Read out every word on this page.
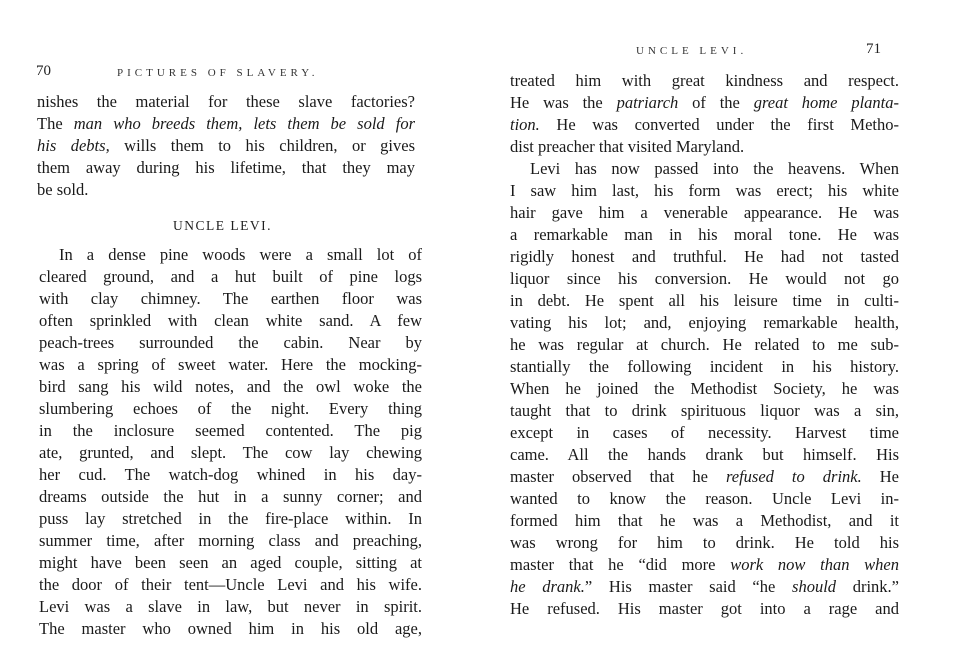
70	PICTURES OF SLAVERY.
nishes the material for these slave factories?
The man who breeds them, lets them be sold for
his debts, wills them to his children, or gives
them away during his lifetime, that they may
be sold.
UNCLE LEVI.
In a dense pine woods were a small lot of
cleared ground, and a hut built of pine logs
with clay chimney. The earthen floor was
often sprinkled with clean white sand. A few
peach-trees surrounded the cabin. Near by
was a spring of sweet water. Here the mocking-
bird sang his wild notes, and the owl woke the
slumbering echoes of the night. Every thing
in the inclosure seemed contented. The pig
ate, grunted, and slept. The cow lay chewing
her cud. The watch-dog whined in his day-
dreams outside the hut in a sunny corner; and
puss lay stretched in the fire-place within. In
summer time, after morning class and preaching,
might have been seen an aged couple, sitting at
the door of their tent—Uncle Levi and his wife.
Levi was a slave in law, but never in spirit.
The master who owned him in his old age,
UNCLE LEVI.	71
treated him with great kindness and respect.
He was the patriarch of the great home planta-
tion. He was converted under the first Metho-
dist preacher that visited Maryland.
Levi has now passed into the heavens. When
I saw him last, his form was erect; his white
hair gave him a venerable appearance. He was
a remarkable man in his moral tone. He was
rigidly honest and truthful. He had not tasted
liquor since his conversion. He would not go
in debt. He spent all his leisure time in culti-
vating his lot; and, enjoying remarkable health,
he was regular at church. He related to me sub-
stantially the following incident in his history.
When he joined the Methodist Society, he was
taught that to drink spirituous liquor was a sin,
except in cases of necessity. Harvest time
came. All the hands drank but himself. His
master observed that he refused to drink. He
wanted to know the reason. Uncle Levi in-
formed him that he was a Methodist, and it
was wrong for him to drink. He told his
master that he “did more work now than when
he drank.” His master said “he should drink.”
He refused. His master got into a rage and
